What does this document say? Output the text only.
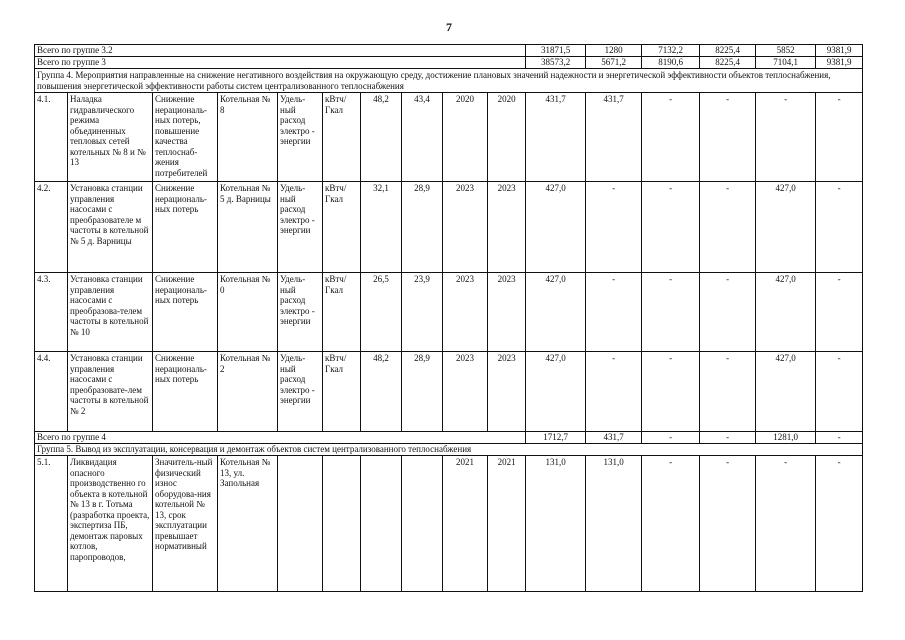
7
Всего по группе 3.2										31871,5	1280	7132,2	8225,4	5852	9381,9
Всего по группе 3										38573,2	5671,2	8190,6	8225,4	7104,1	9381,9
Группа 4. Мероприятия направленные на снижение негативного воздействия на окружающую среду, достижение плановых значений надежности и энергетической эффективности объектов теплоснабжения, повышения энергетической эффективности работы систем централизованного теплоснабжения															
4.1.	Наладка гидравлического режима объединенных тепловых сетей котельных № 8 и № 13	Снижение нерациональ-ных потерь, повышение качества теплоснаб-жения потребителей	Котельная № 8	Удель-ный расход электро - энергии	кВтч/ Гкал	48,2	43,4	2020	2020	431,7	431,7	-	-	-	-
4.2.	Установка станции управления насосами с преобразователе м частоты в котельной № 5 д. Варницы	Снижение нерациональ-ных потерь	Котельная № 5 д. Варницы	Удель-ный расход электро - энергии	кВтч/ Гкал	32,1	28,9	2023	2023	427,0	-	-	-	427,0	-
4.3.	Установка станции управления насосами с преобразова-телем частоты в котельной № 10	Снижение нерациональ-ных потерь	Котельная № 0	Удель-ный расход электро - энергии	кВтч/ Гкал	26,5	23,9	2023	2023	427,0	-	-	-	427,0	-
4.4.	Установка станции управления насосами с преобразовате-лем частоты в котельной № 2	Снижение нерациональ-ных потерь	Котельная № 2	Удель-ный расход электро - энергии	кВтч/ Гкал	48,2	28,9	2023	2023	427,0	-	-	-	427,0	-
Всего по группе 4										1712,7	431,7	-	-	1281,0	-
Группа 5. Вывод из эксплуатации, консервация и демонтаж объектов систем централизованного теплоснабжения															
5.1.	Ликвидация опасного производственно го объекта в котельной № 13 в г. Тотьма (разработка проекта, экспертиза ПБ, демонтаж паровых котлов, паропроводов,	Значитель-ный физический износ оборудова-ния котельной № 13, срок эксплуатации превышает нормативный	Котельная № 13, ул. Запольная					2021	2021	131,0	131,0	-	-	-	-
